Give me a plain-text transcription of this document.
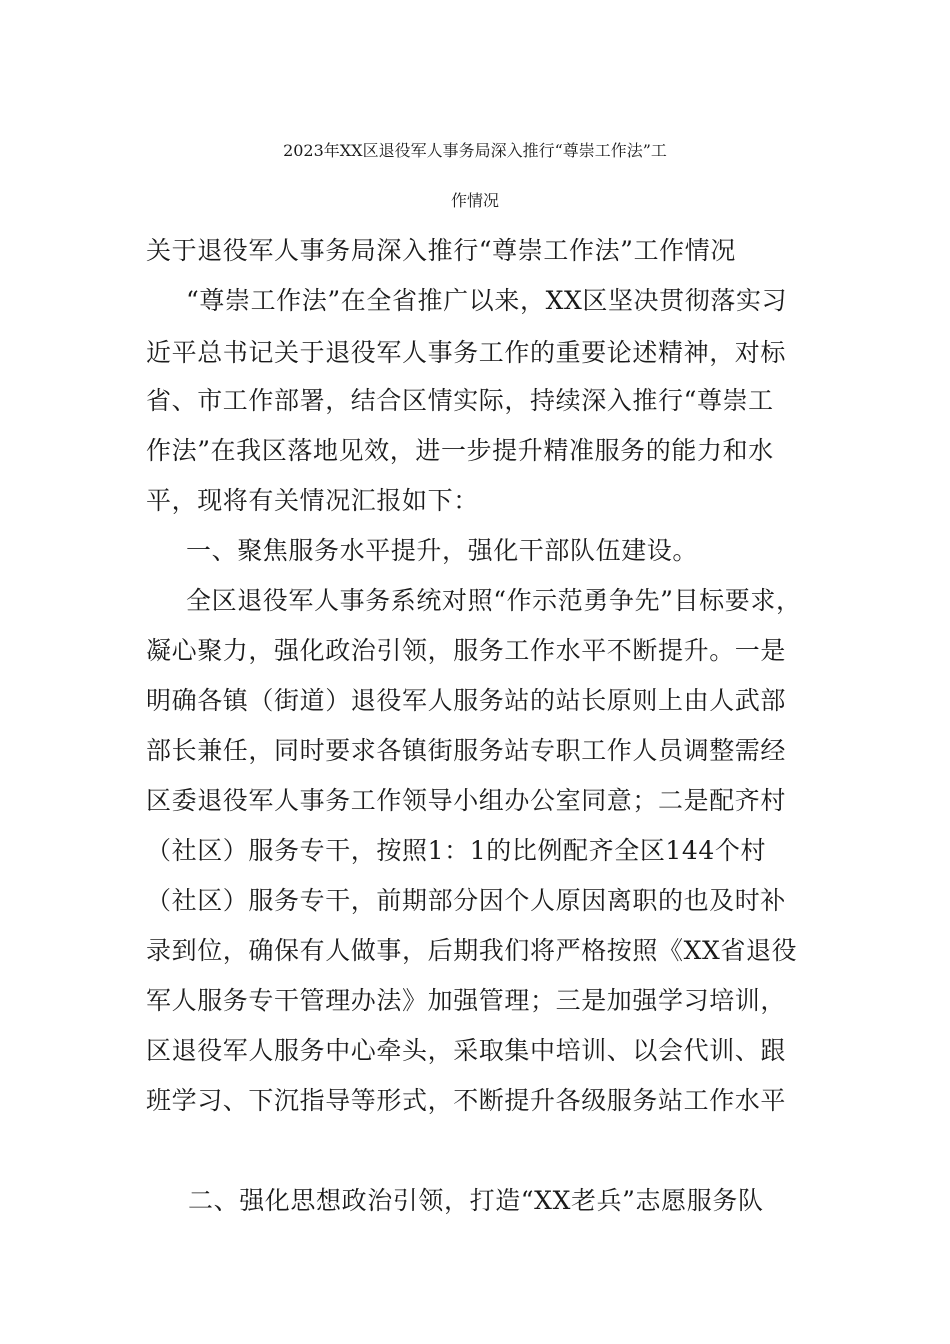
2023年XX区退役军人事务局深入推行“尊崇工作法”工
作情况
关于退役军人事务局深入推行“尊崇工作法”工作情况
“尊崇工作法”在全省推广以来，XX区坚决贯彻落实习
近平总书记关于退役军人事务工作的重要论述精神，对标
省、市工作部署，结合区情实际，持续深入推行“尊崇工
作法”在我区落地见效，进一步提升精准服务的能力和水
平，现将有关情况汇报如下：
一、聚焦服务水平提升，强化干部队伍建设。
全区退役军人事务系统对照“作示范勇争先”目标要求，
凝心聚力，强化政治引领，服务工作水平不断提升。一是
明确各镇（街道）退役军人服务站的站长原则上由人武部
部长兼任，同时要求各镇街服务站专职工作人员调整需经
区委退役军人事务工作领导小组办公室同意；二是配齐村
（社区）服务专干，按照1：1的比例配齐全区144个村
（社区）服务专干，前期部分因个人原因离职的也及时补
录到位，确保有人做事，后期我们将严格按照《XX省退役
军人服务专干管理办法》加强管理；三是加强学习培训，
区退役军人服务中心牵头，采取集中培训、以会代训、跟
班学习、下沉指导等形式，不断提升各级服务站工作水平
二、强化思想政治引领，打造“XX老兵”志愿服务队
